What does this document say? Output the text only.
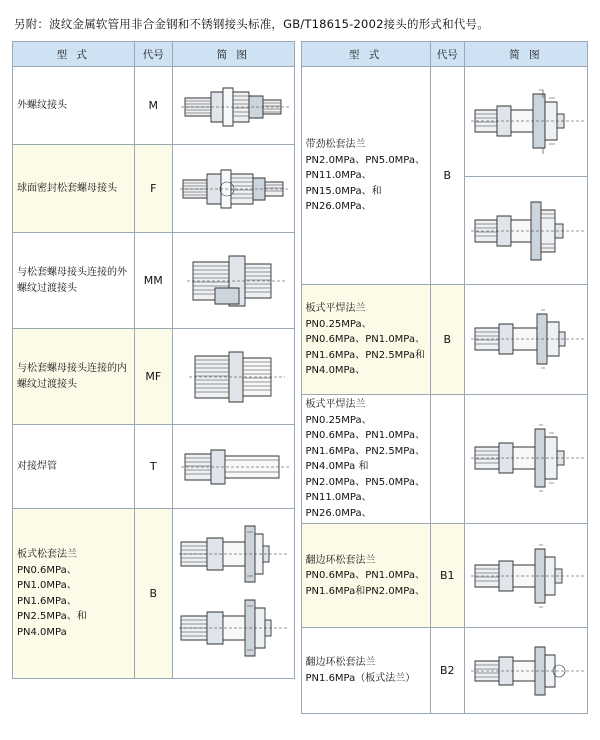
另附：波纹金属软管用非合金钢和不锈钢接头标准，GB/T18615-2002接头的形式和代号。
型 式	代号	简 图

外螺纹接头	M	

球面密封松套螺母接头	F	

与松套螺母接头连接的外螺纹过渡接头	MM	

与松套螺母接头连接的内螺纹过渡接头	MF	

对接焊管	T	

板式松套法兰
PN0.6MPa、PN1.0MPa、PN1.6MPa、PN2.5MPa、和PN4.0MPa	B	
型 式	代号	简 图

带劲松套法兰
PN2.0MPa、PN5.0MPa、PN11.0MPa、PN15.0MPa、和PN26.0MPa、	B	

板式平焊法兰
PN0.25MPa、PN0.6MPa、PN1.0MPa、PN1.6MPa、PN2.5MPa和PN4.0MPa、	B	

板式平焊法兰
PN0.25MPa、PN0.6MPa、PN1.0MPa、PN1.6MPa、PN2.5MPa、PN4.0MPa 和PN2.0MPa、PN5.0MPa、PN11.0MPa、PN26.0MPa、

翻边环松套法兰
PN0.6MPa、PN1.0MPa、PN1.6MPa和PN2.0MPa、	B1	

翻边环松套法兰
PN1.6MPa（板式法兰）	B2	
